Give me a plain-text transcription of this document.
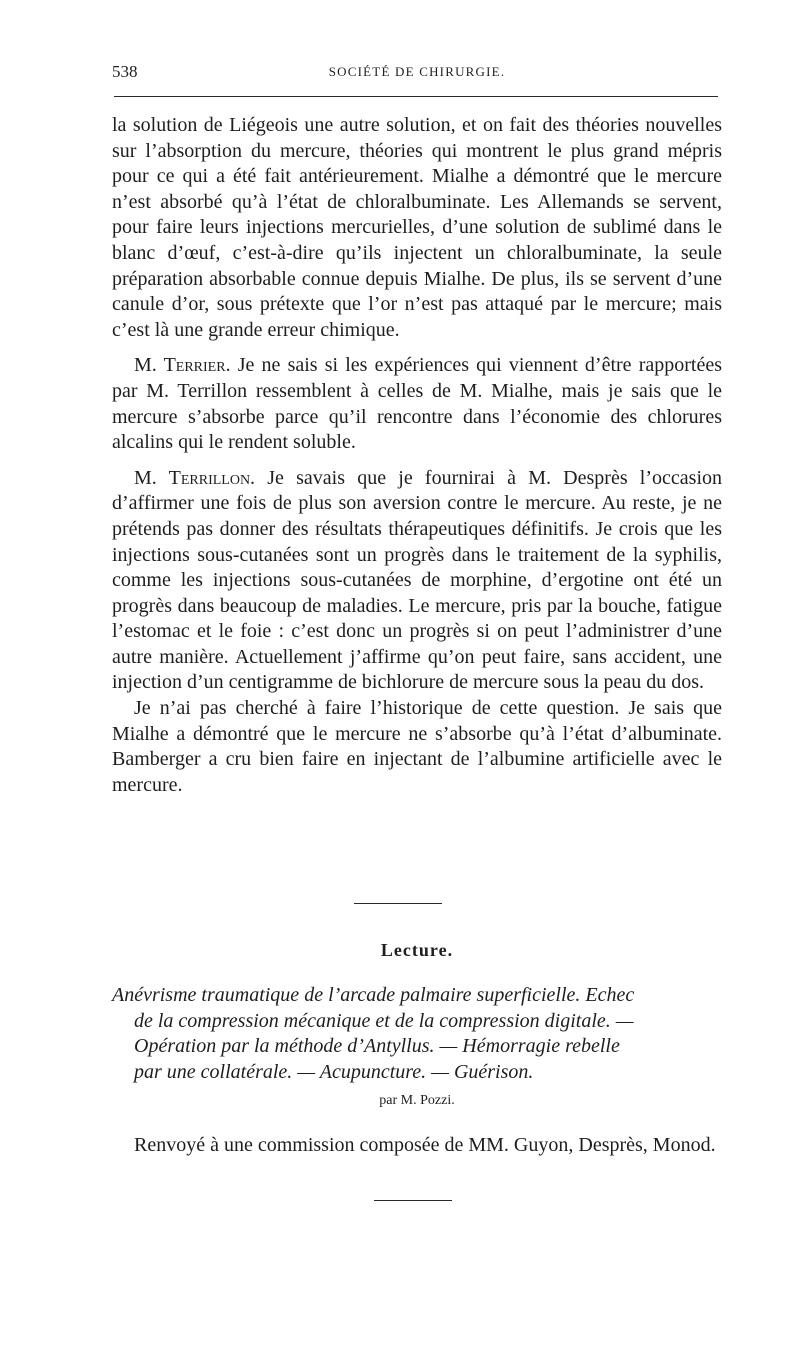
538	SOCIÉTÉ DE CHIRURGIE.

la solution de Liégeois une autre solution, et on fait des théories nouvelles sur l’absorption du mercure, théories qui montrent le plus grand mépris pour ce qui a été fait antérieurement. Mialhe a démontré que le mercure n’est absorbé qu’à l’état de chloralbuminate. Les Allemands se servent, pour faire leurs injections mercurielles, d’une solution de sublimé dans le blanc d’œuf, c’est-à-dire qu’ils injectent un chloralbuminate, la seule préparation absorbable connue depuis Mialhe. De plus, ils se servent d’une canule d’or, sous prétexte que l’or n’est pas attaqué par le mercure; mais c’est là une grande erreur chimique.

M. Terrier. Je ne sais si les expériences qui viennent d’être rapportées par M. Terrillon ressemblent à celles de M. Mialhe, mais je sais que le mercure s’absorbe parce qu’il rencontre dans l’économie des chlorures alcalins qui le rendent soluble.

M. Terrillon. Je savais que je fournirai à M. Desprès l’occasion d’affirmer une fois de plus son aversion contre le mercure. Au reste, je ne prétends pas donner des résultats thérapeutiques définitifs. Je crois que les injections sous-cutanées sont un progrès dans le traitement de la syphilis, comme les injections sous-cutanées de morphine, d’ergotine ont été un progrès dans beaucoup de maladies. Le mercure, pris par la bouche, fatigue l’estomac et le foie : c’est donc un progrès si on peut l’administrer d’une autre manière. Actuellement j’affirme qu’on peut faire, sans accident, une injection d’un centigramme de bichlorure de mercure sous la peau du dos.

Je n’ai pas cherché à faire l’historique de cette question. Je sais que Mialhe a démontré que le mercure ne s’absorbe qu’à l’état d’albuminate. Bamberger a cru bien faire en injectant de l’albumine artificielle avec le mercure.

Lecture.
Anévrisme traumatique de l’arcade palmaire superficielle. Echec
de la compression mécanique et de la compression digitale. —
Opération par la méthode d’Antyllus. — Hémorragie rebelle
par une collatérale. — Acupuncture. — Guérison.
par M. Pozzi.

Renvoyé à une commission composée de MM. Guyon, Desprès, Monod.
